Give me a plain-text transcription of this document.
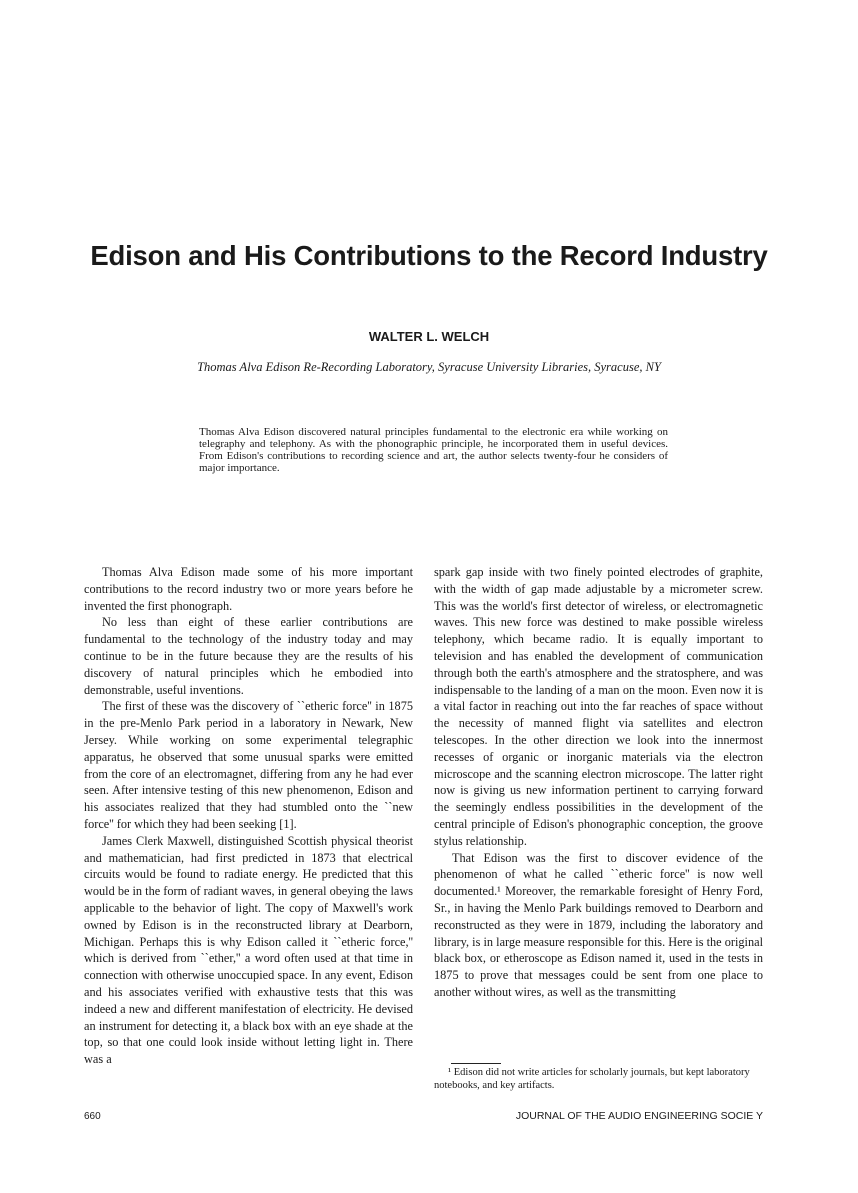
Edison and His Contributions to the Record Industry
WALTER L. WELCH
Thomas Alva Edison Re-Recording Laboratory, Syracuse University Libraries, Syracuse, NY
Thomas Alva Edison discovered natural principles fundamental to the electronic era while working on telegraphy and telephony. As with the phonographic principle, he incorporated them in useful devices. From Edison's contributions to recording science and art, the author selects twenty-four he considers of major importance.

Thomas Alva Edison made some of his more important contributions to the record industry two or more years before he invented the first phonograph.

No less than eight of these earlier contributions are fundamental to the technology of the industry today and may continue to be in the future because they are the results of his discovery of natural principles which he embodied into demonstrable, useful inventions.

The first of these was the discovery of ``etheric force'' in 1875 in the pre-Menlo Park period in a laboratory in Newark, New Jersey. While working on some experimental telegraphic apparatus, he observed that some unusual sparks were emitted from the core of an electromagnet, differing from any he had ever seen. After intensive testing of this new phenomenon, Edison and his associates realized that they had stumbled onto the ``new force'' for which they had been seeking [1].

James Clerk Maxwell, distinguished Scottish physical theorist and mathematician, had first predicted in 1873 that electrical circuits would be found to radiate energy. He predicted that this would be in the form of radiant waves, in general obeying the laws applicable to the behavior of light. The copy of Maxwell's work owned by Edison is in the reconstructed library at Dearborn, Michigan. Perhaps this is why Edison called it ``etheric force,'' which is derived from ``ether,'' a word often used at that time in connection with otherwise unoccupied space. In any event, Edison and his associates verified with exhaustive tests that this was indeed a new and different manifestation of electricity. He devised an instrument for detecting it, a black box with an eye shade at the top, so that one could look inside without letting light in. There was a

spark gap inside with two finely pointed electrodes of graphite, with the width of gap made adjustable by a micrometer screw. This was the world's first detector of wireless, or electromagnetic waves. This new force was destined to make possible wireless telephony, which became radio. It is equally important to television and has enabled the development of communication through both the earth's atmosphere and the stratosphere, and was indispensable to the landing of a man on the moon. Even now it is a vital factor in reaching out into the far reaches of space without the necessity of manned flight via satellites and electron telescopes. In the other direction we look into the innermost recesses of organic or inorganic materials via the electron microscope and the scanning electron microscope. The latter right now is giving us new information pertinent to carrying forward the seemingly endless possibilities in the development of the central principle of Edison's phonographic conception, the groove stylus relationship.

That Edison was the first to discover evidence of the phenomenon of what he called ``etheric force'' is now well documented.¹ Moreover, the remarkable foresight of Henry Ford, Sr., in having the Menlo Park buildings removed to Dearborn and reconstructed as they were in 1879, including the laboratory and library, is in large measure responsible for this. Here is the original black box, or etheroscope as Edison named it, used in the tests in 1875 to prove that messages could be sent from one place to another without wires, as well as the transmitting

¹ Edison did not write articles for scholarly journals, but kept laboratory notebooks, and key artifacts.
660	JOURNAL OF THE AUDIO ENGINEERING SOCIE Y
